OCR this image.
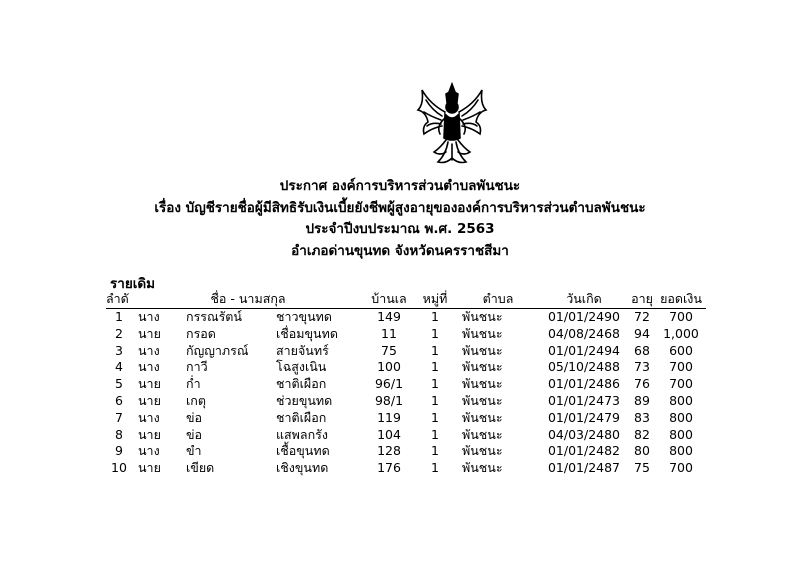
ประกาศ องค์การบริหารส่วนตำบลพันชนะ
เรื่อง บัญชีรายชื่อผู้มีสิทธิรับเงินเบี้ยยังชีพผู้สูงอายุขององค์การบริหารส่วนตำบลพันชนะ
ประจำปีงบประมาณ พ.ศ. 2563
อำเภอด่านขุนทด จังหวัดนครราชสีมา
รายเดิม
ลำดั	ชื่อ - นามสกุล			บ้านเล	หมู่ที่	ตำบล	วันเกิด	อายุ	ยอดเงิน
1	นาง	กรรณรัตน์	ชาวขุนทด	149	1	พันชนะ	01/01/2490	72	700
2	นาย	กรอด	เชื่อมขุนทด	11	1	พันชนะ	04/08/2468	94	1,000
3	นาง	กัญญาภรณ์	สายจันทร์	75	1	พันชนะ	01/01/2494	68	600
4	นาง	กาวี	โฉสูงเนิน	100	1	พันชนะ	05/10/2488	73	700
5	นาย	ก่ำ	ชาติเผือก	96/1	1	พันชนะ	01/01/2486	76	700
6	นาย	เกตุ	ช่วยขุนทด	98/1	1	พันชนะ	01/01/2473	89	800
7	นาง	ข่อ	ชาติเผือก	119	1	พันชนะ	01/01/2479	83	800
8	นาย	ข่อ	แสพลกรัง	104	1	พันชนะ	04/03/2480	82	800
9	นาง	ขำ	เชื้อขุนทด	128	1	พันชนะ	01/01/2482	80	800
10	นาย	เขียด	เชิงขุนทด	176	1	พันชนะ	01/01/2487	75	700
